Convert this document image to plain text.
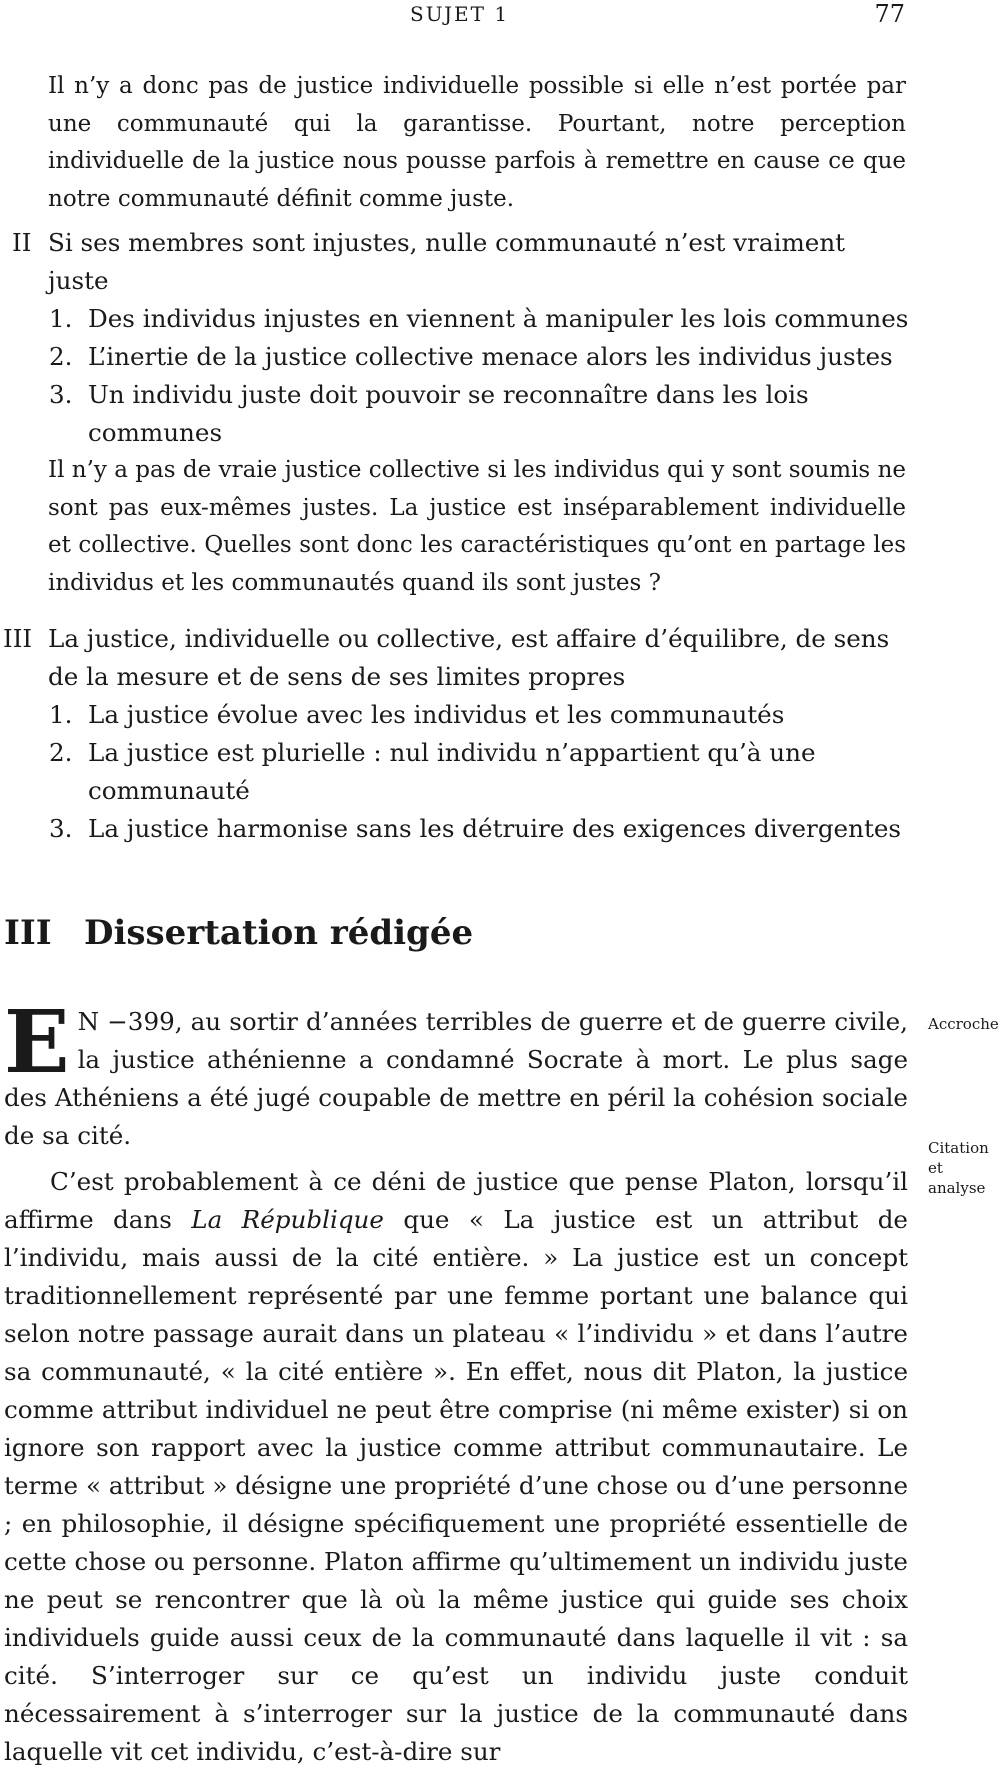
SUJET 1	77
Il n’y a donc pas de justice individuelle possible si elle n’est portée par une communauté qui la garantisse. Pourtant, notre perception individuelle de la justice nous pousse parfois à remettre en cause ce que notre communauté définit comme juste.
II Si ses membres sont injustes, nulle communauté n’est vraiment juste
1. Des individus injustes en viennent à manipuler les lois communes
2. L’inertie de la justice collective menace alors les individus justes
3. Un individu juste doit pouvoir se reconnaître dans les lois communes
Il n’y a pas de vraie justice collective si les individus qui y sont soumis ne sont pas eux-mêmes justes. La justice est inséparablement individuelle et collective. Quelles sont donc les caractéristiques qu’ont en partage les individus et les communautés quand ils sont justes ?
III La justice, individuelle ou collective, est affaire d’équilibre, de sens de la mesure et de sens de ses limites propres
1. La justice évolue avec les individus et les communautés
2. La justice est plurielle : nul individu n’appartient qu’à une communauté
3. La justice harmonise sans les détruire des exigences divergentes
III Dissertation rédigée

E N −399, au sortir d’années terribles de guerre et de guerre civile, la justice athénienne a condamné Socrate à mort. Le plus sage des Athéniens a été jugé coupable de mettre en péril la cohésion sociale de sa cité.

C’est probablement à ce déni de justice que pense Platon, lorsqu’il affirme dans La République que « La justice est un attribut de l’individu, mais aussi de la cité entière. » La justice est un concept traditionnellement représenté par une femme portant une balance qui selon notre passage aurait dans un plateau « l’individu » et dans l’autre sa communauté, « la cité entière ». En effet, nous dit Platon, la justice comme attribut individuel ne peut être comprise (ni même exister) si on ignore son rapport avec la justice comme attribut communautaire. Le terme « attribut » désigne une propriété d’une chose ou d’une personne ; en philosophie, il désigne spécifiquement une propriété essentielle de cette chose ou personne. Platon affirme qu’ultimement un individu juste ne peut se rencontrer que là où la même justice qui guide ses choix individuels guide aussi ceux de la communauté dans laquelle il vit : sa cité. S’interroger sur ce qu’est un individu juste conduit nécessairement à s’interroger sur la justice de la communauté dans laquelle vit cet individu, c’est-à-dire sur

Accroche
Citation
et analyse
